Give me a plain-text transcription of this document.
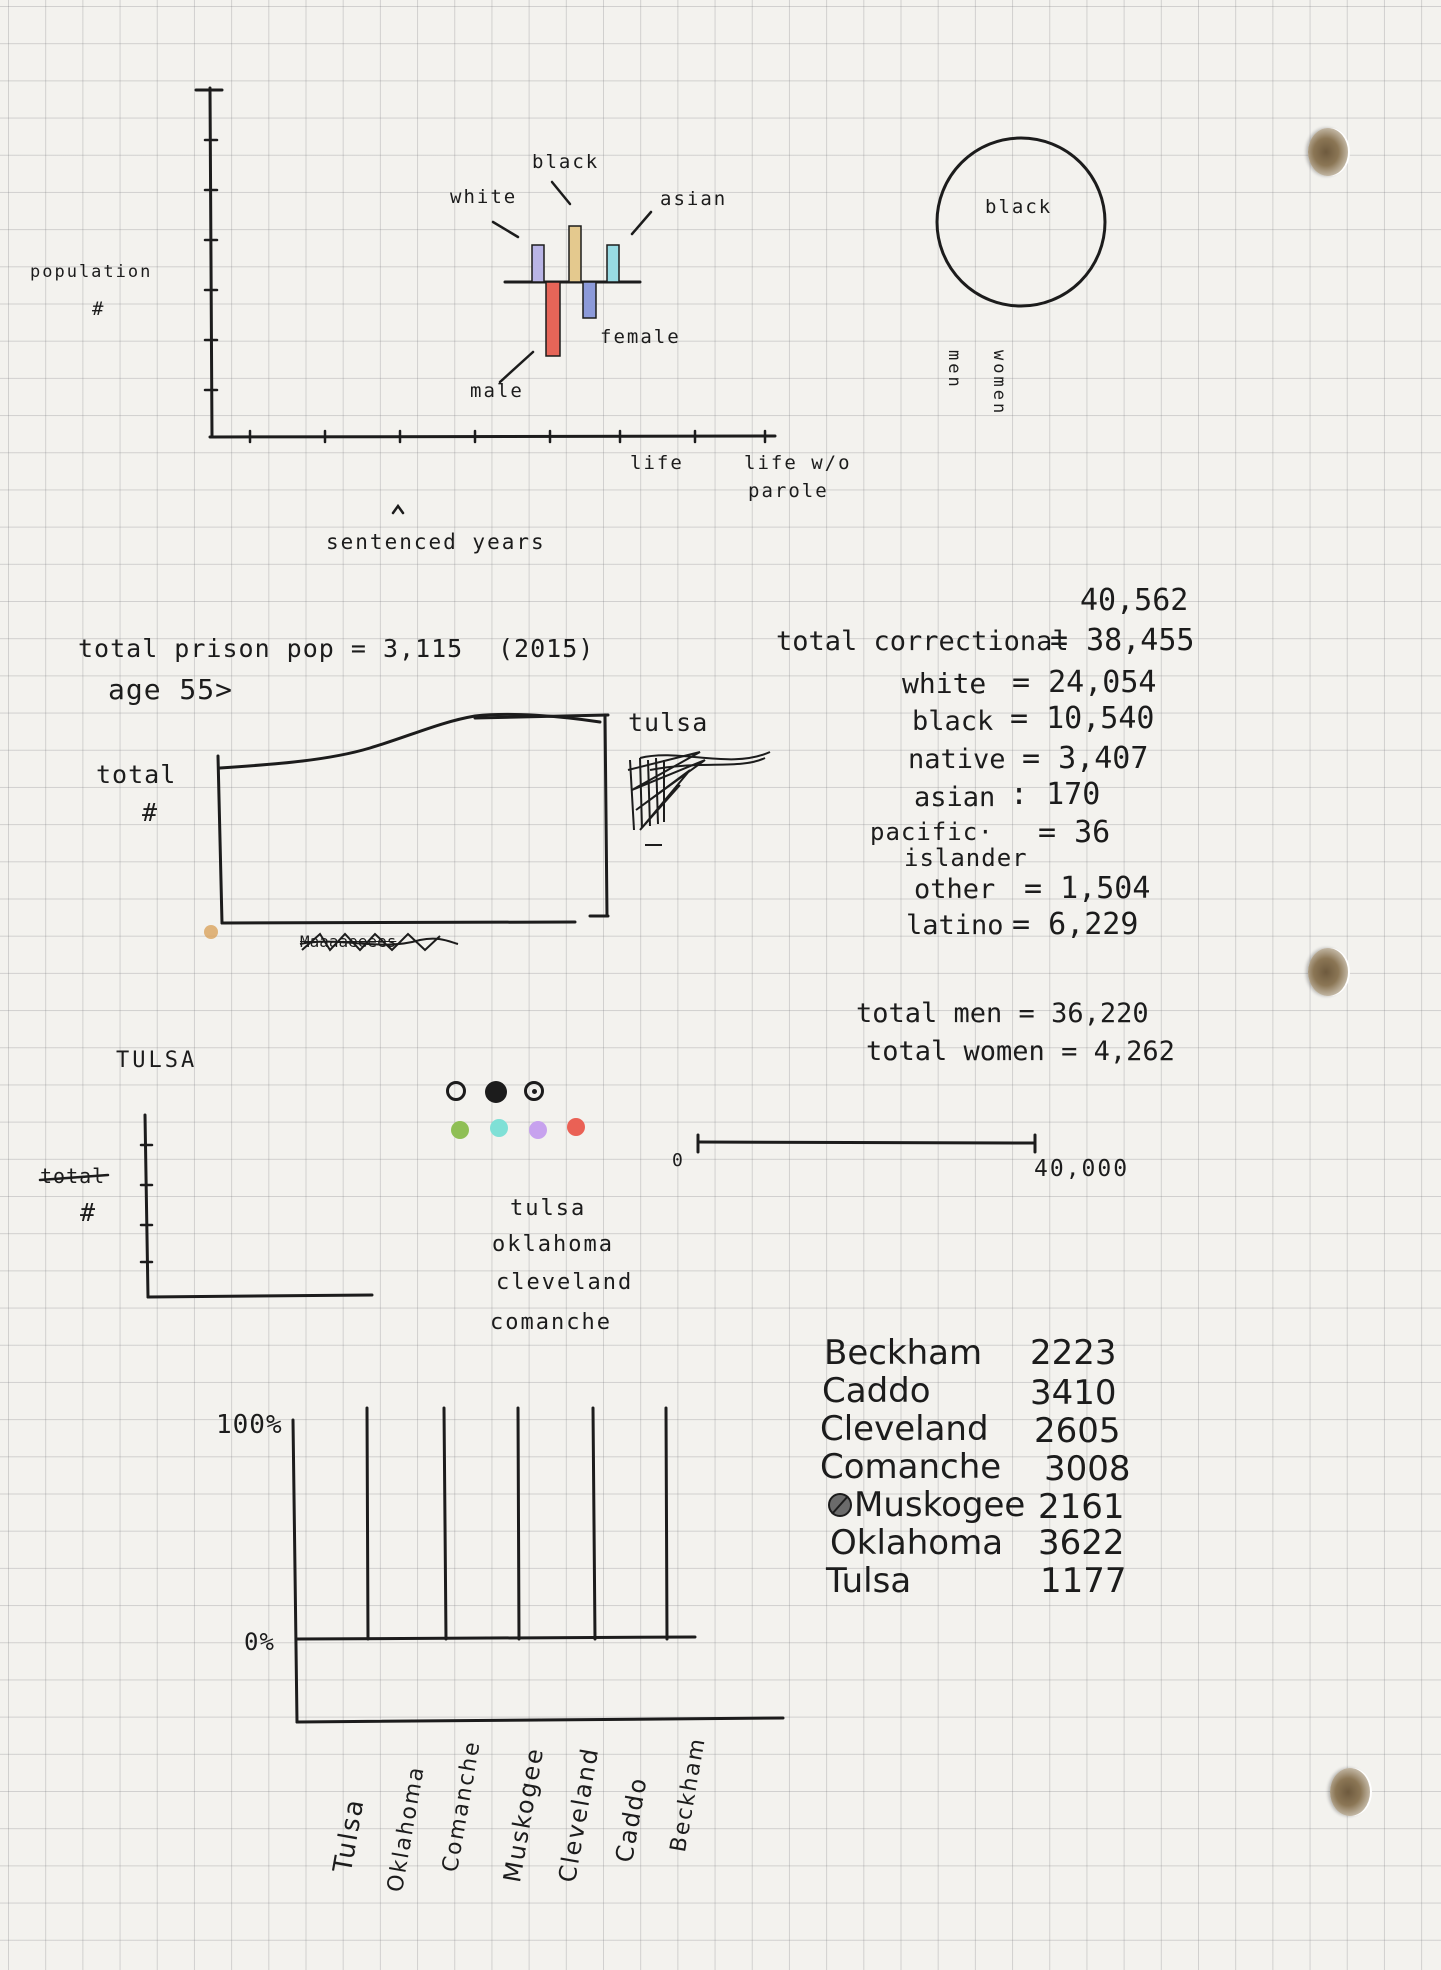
population
#
white
black
asian
female
male
life	life w/o
parole
sentenced years
black
men women
total prison pop = 3,115 (2015)
age 55>
tulsa
total
#
Maaaaeeees
40,562
total correctional
= 38,455
white = 24,054
black = 10,540
native = 3,407
asian : 170
pacific· = 36
islander
other = 1,504
latino = 6,229
total men = 36,220
total women = 4,262
TULSA
total
#	tulsa
oklahoma
cleveland
comanche
0	40,000
Beckham 2223
Caddo	3410
Cleveland 2605
Comanche 3008
Muskogee 2161
Oklahoma 3622
Tulsa	1177
100%
0%
Tulsa Oklahoma Comanche Muskogee Cleveland Caddo Beckham
